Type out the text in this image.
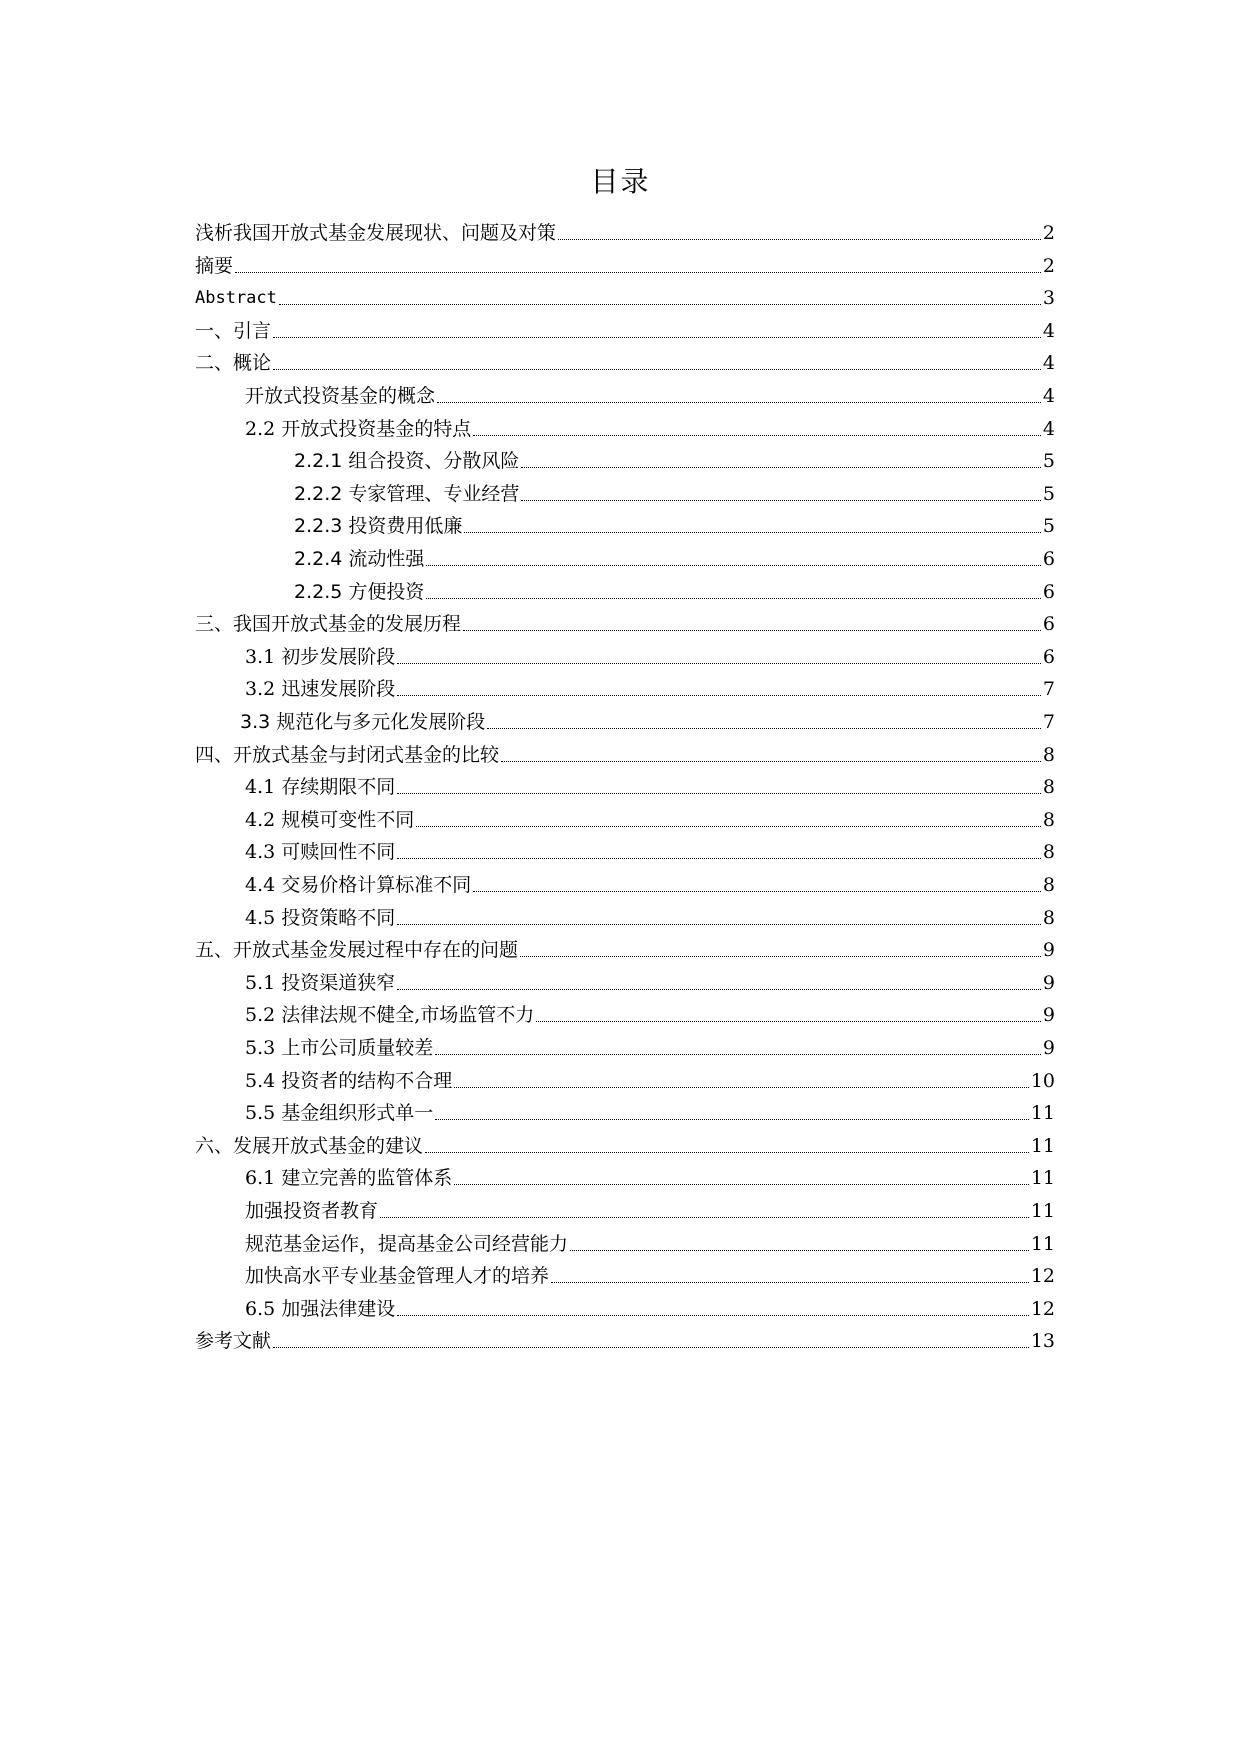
目录
浅析我国开放式基金发展现状、问题及对策	2
摘要	2
Abstract	3
一、引言	4
二、概论	4
开放式投资基金的概念	4
2.2 开放式投资基金的特点	4
2.2.1 组合投资、分散风险	5
2.2.2 专家管理、专业经营	5
2.2.3 投资费用低廉	5
2.2.4 流动性强	6
2.2.5 方便投资	6
三、我国开放式基金的发展历程	6
3.1 初步发展阶段	6
3.2 迅速发展阶段	7
3.3 规范化与多元化发展阶段	7
四、开放式基金与封闭式基金的比较	8
4.1 存续期限不同	8
4.2 规模可变性不同	8
4.3 可赎回性不同	8
4.4 交易价格计算标准不同	8
4.5 投资策略不同	8
五、开放式基金发展过程中存在的问题	9
5.1 投资渠道狭窄	9
5.2 法律法规不健全,市场监管不力	9
5.3 上市公司质量较差	9
5.4 投资者的结构不合理	10
5.5 基金组织形式单一	11
六、发展开放式基金的建议	11
6.1 建立完善的监管体系	11
加强投资者教育	11
规范基金运作，提高基金公司经营能力	11
加快高水平专业基金管理人才的培养	12
6.5 加强法律建设	12
参考文献	13
